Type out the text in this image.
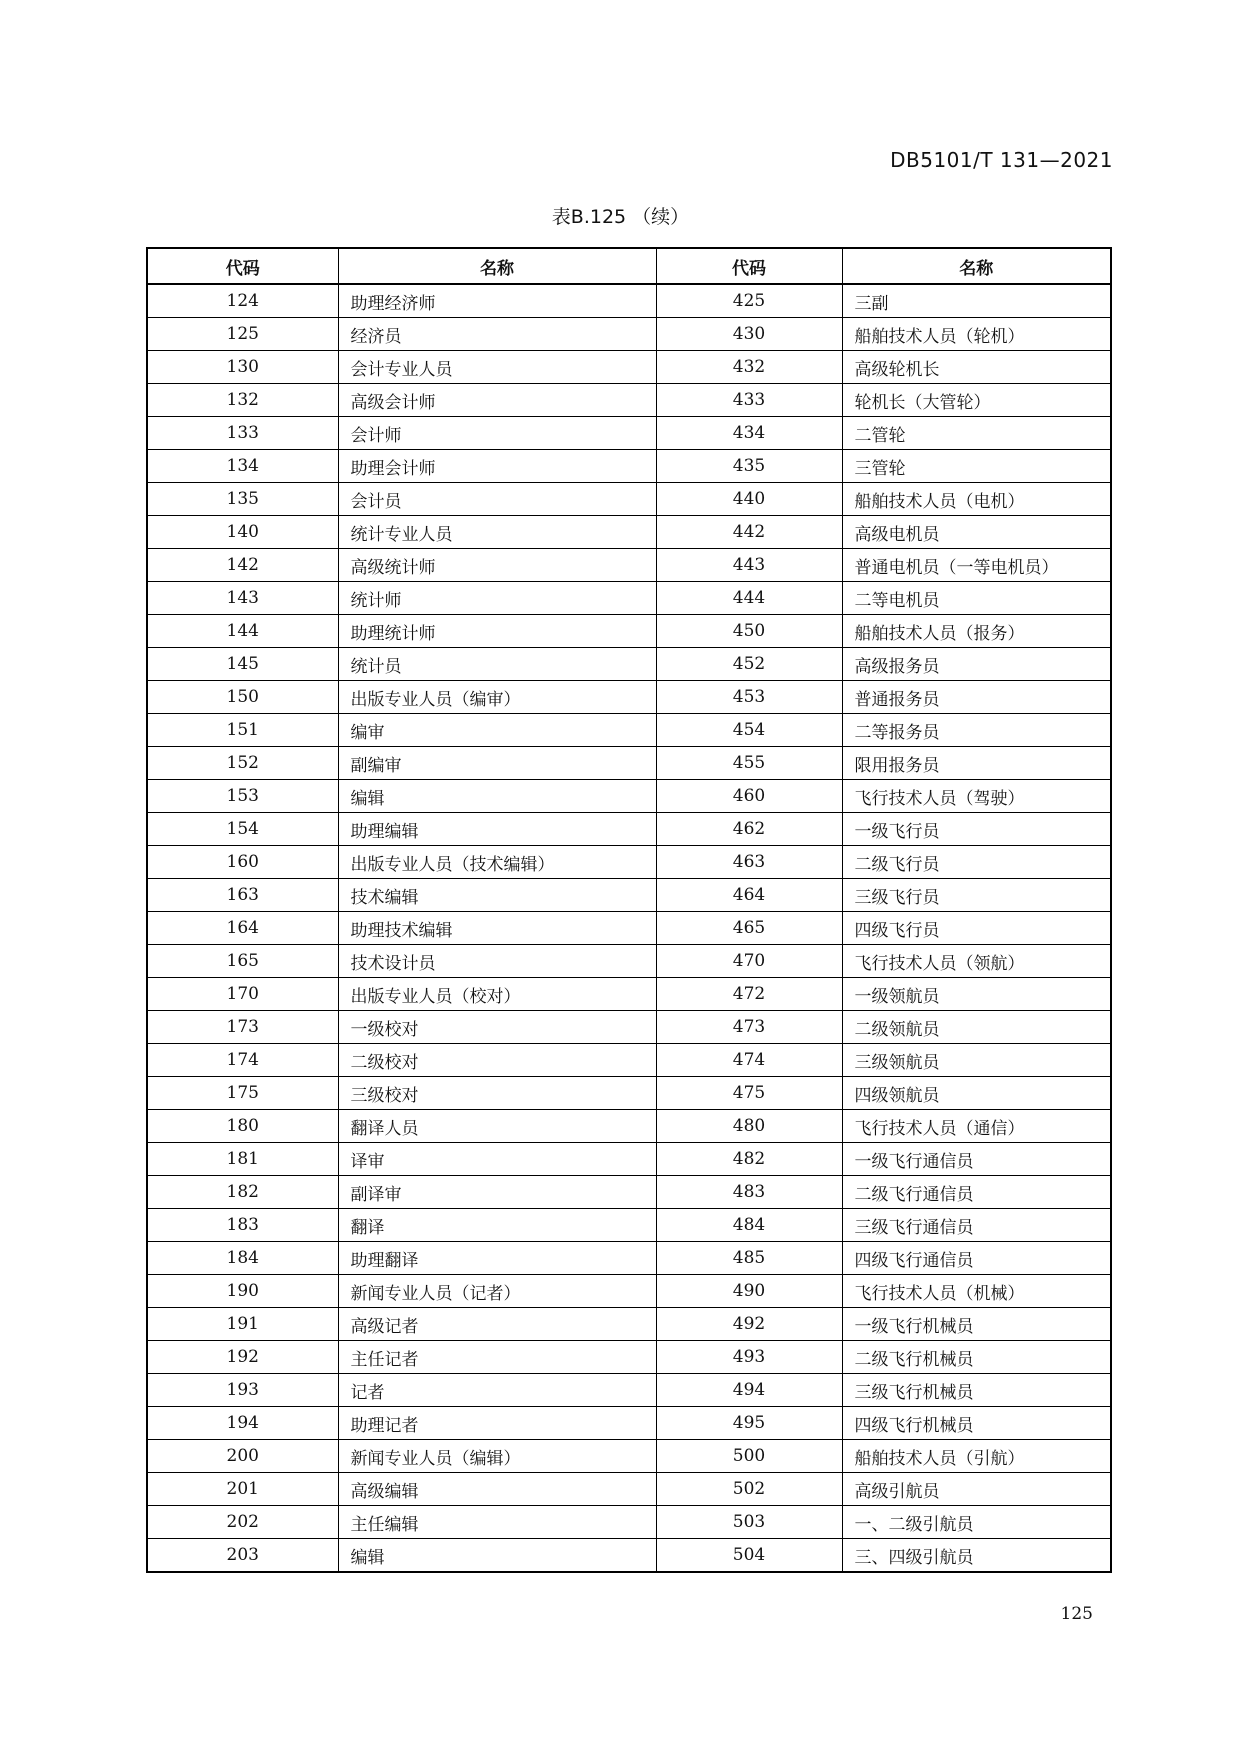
DB5101/T 131—2021
表B.125 （续）
代码	名称	代码	名称
124	助理经济师	425	三副
125	经济员	430	船舶技术人员（轮机）
130	会计专业人员	432	高级轮机长
132	高级会计师	433	轮机长（大管轮）
133	会计师	434	二管轮
134	助理会计师	435	三管轮
135	会计员	440	船舶技术人员（电机）
140	统计专业人员	442	高级电机员
142	高级统计师	443	普通电机员（一等电机员）
143	统计师	444	二等电机员
144	助理统计师	450	船舶技术人员（报务）
145	统计员	452	高级报务员
150	出版专业人员（编审）	453	普通报务员
151	编审	454	二等报务员
152	副编审	455	限用报务员
153	编辑	460	飞行技术人员（驾驶）
154	助理编辑	462	一级飞行员
160	出版专业人员（技术编辑）	463	二级飞行员
163	技术编辑	464	三级飞行员
164	助理技术编辑	465	四级飞行员
165	技术设计员	470	飞行技术人员（领航）
170	出版专业人员（校对）	472	一级领航员
173	一级校对	473	二级领航员
174	二级校对	474	三级领航员
175	三级校对	475	四级领航员
180	翻译人员	480	飞行技术人员（通信）
181	译审	482	一级飞行通信员
182	副译审	483	二级飞行通信员
183	翻译	484	三级飞行通信员
184	助理翻译	485	四级飞行通信员
190	新闻专业人员（记者）	490	飞行技术人员（机械）
191	高级记者	492	一级飞行机械员
192	主任记者	493	二级飞行机械员
193	记者	494	三级飞行机械员
194	助理记者	495	四级飞行机械员
200	新闻专业人员（编辑）	500	船舶技术人员（引航）
201	高级编辑	502	高级引航员
202	主任编辑	503	一、二级引航员
203	编辑	504	三、四级引航员
125
